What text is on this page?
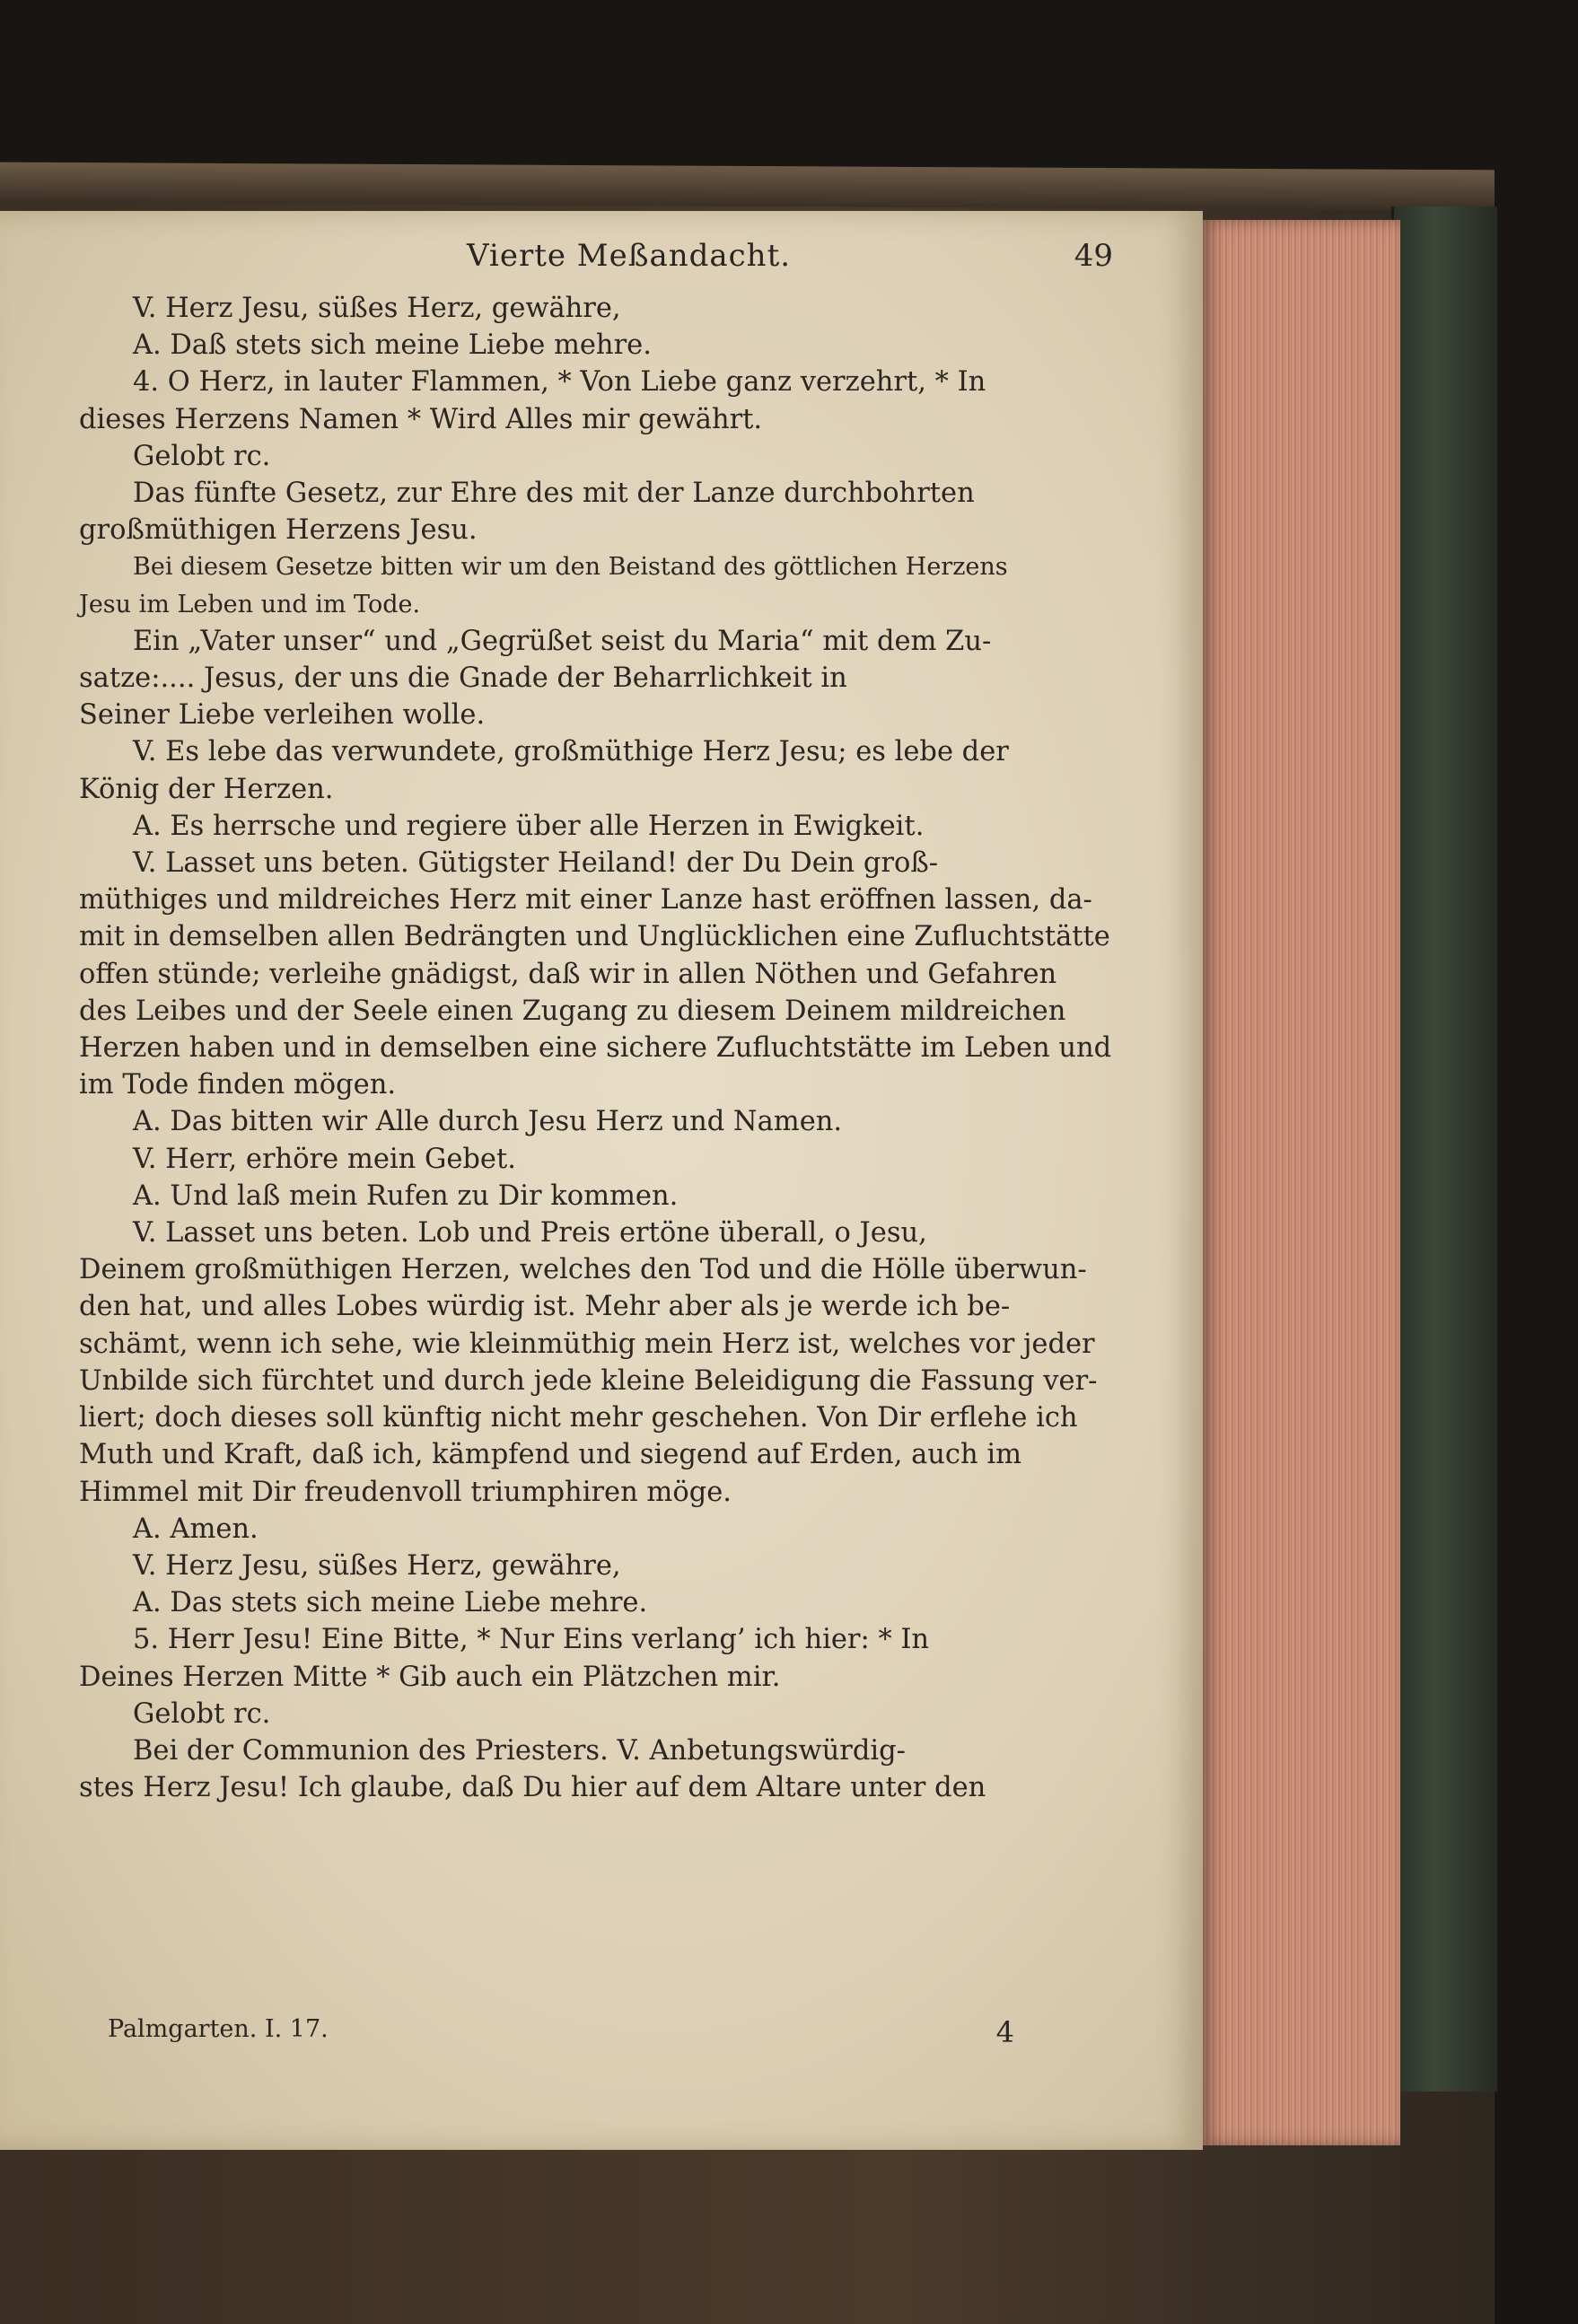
Vierte Meßandacht.	49
V. Herz Jesu, süßes Herz, gewähre,
A. Daß stets sich meine Liebe mehre.
4. O Herz, in lauter Flammen, * Von Liebe ganz verzehrt, * In
dieses Herzens Namen * Wird Alles mir gewährt.
Gelobt rc.
Das fünfte Gesetz, zur Ehre des mit der Lanze durchbohrten
großmüthigen Herzens Jesu.
Bei diesem Gesetze bitten wir um den Beistand des göttlichen Herzens
Jesu im Leben und im Tode.
Ein „Vater unser“ und „Gegrüßet seist du Maria“ mit dem Zu-
satze:.... Jesus, der uns die Gnade der Beharrlichkeit in
Seiner Liebe verleihen wolle.
V. Es lebe das verwundete, großmüthige Herz Jesu; es lebe der
König der Herzen.
A. Es herrsche und regiere über alle Herzen in Ewigkeit.
V. Lasset uns beten. Gütigster Heiland! der Du Dein groß-
müthiges und mildreiches Herz mit einer Lanze hast eröffnen lassen, da-
mit in demselben allen Bedrängten und Unglücklichen eine Zufluchtstätte
offen stünde; verleihe gnädigst, daß wir in allen Nöthen und Gefahren
des Leibes und der Seele einen Zugang zu diesem Deinem mildreichen
Herzen haben und in demselben eine sichere Zufluchtstätte im Leben und
im Tode finden mögen.
A. Das bitten wir Alle durch Jesu Herz und Namen.
V. Herr, erhöre mein Gebet.
A. Und laß mein Rufen zu Dir kommen.
V. Lasset uns beten. Lob und Preis ertöne überall, o Jesu,
Deinem großmüthigen Herzen, welches den Tod und die Hölle überwun-
den hat, und alles Lobes würdig ist. Mehr aber als je werde ich be-
schämt, wenn ich sehe, wie kleinmüthig mein Herz ist, welches vor jeder
Unbilde sich fürchtet und durch jede kleine Beleidigung die Fassung ver-
liert; doch dieses soll künftig nicht mehr geschehen. Von Dir erflehe ich
Muth und Kraft, daß ich, kämpfend und siegend auf Erden, auch im
Himmel mit Dir freudenvoll triumphiren möge.
A. Amen.
V. Herz Jesu, süßes Herz, gewähre,
A. Das stets sich meine Liebe mehre.
5. Herr Jesu! Eine Bitte, * Nur Eins verlang’ ich hier: * In
Deines Herzen Mitte * Gib auch ein Plätzchen mir.
Gelobt rc.
Bei der Communion des Priesters. V. Anbetungswürdig-
stes Herz Jesu! Ich glaube, daß Du hier auf dem Altare unter den
Palmgarten. I. 17.	4
